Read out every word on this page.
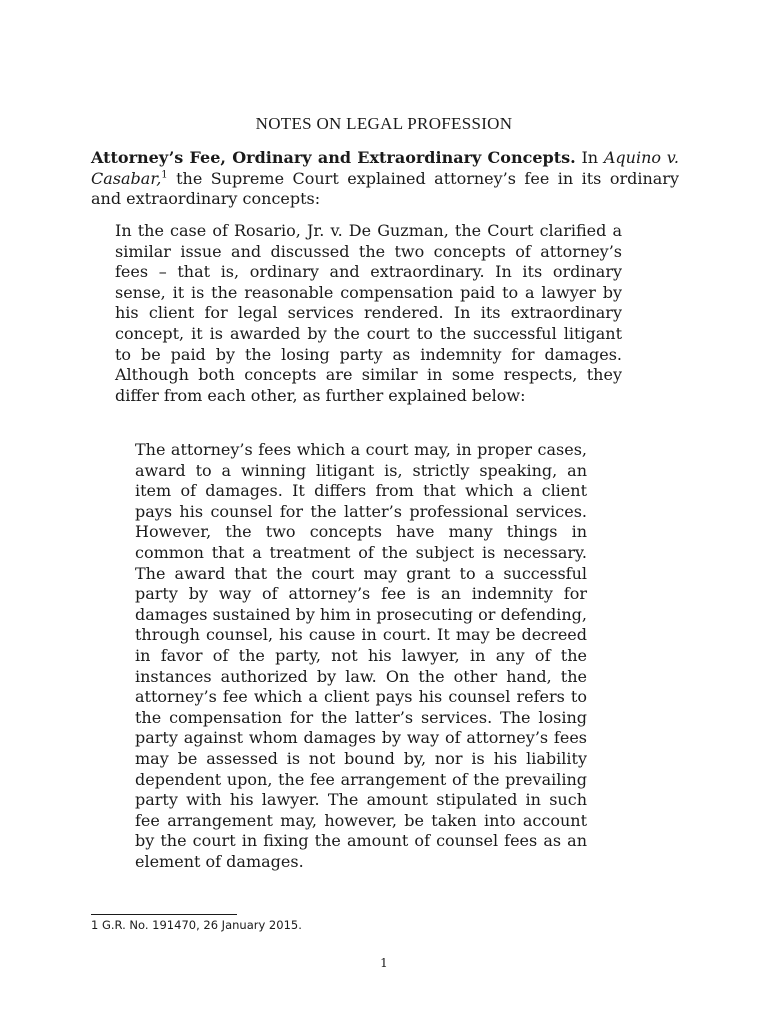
NOTES ON LEGAL PROFESSION

Attorney’s Fee, Ordinary and Extraordinary Concepts. In Aquino v. Casabar,$^1$ the Supreme Court explained attorney’s fee in its ordinary and extraordinary concepts:

In the case of Rosario, Jr. v. De Guzman, the Court clarified a similar issue and discussed the two concepts of attorney’s fees – that is, ordinary and extraordinary. In its ordinary sense, it is the reasonable compensation paid to a lawyer by his client for legal services rendered. In its extraordinary concept, it is awarded by the court to the successful litigant to be paid by the losing party as indemnity for damages. Although both concepts are similar in some respects, they differ from each other, as further explained below:

The attorney’s fees which a court may, in proper cases, award to a winning litigant is, strictly speaking, an item of damages. It differs from that which a client pays his counsel for the latter’s professional services. However, the two concepts have many things in common that a treatment of the subject is necessary. The award that the court may grant to a successful party by way of attorney’s fee is an indemnity for damages sustained by him in prosecuting or defending, through counsel, his cause in court. It may be decreed in favor of the party, not his lawyer, in any of the instances authorized by law. On the other hand, the attorney’s fee which a client pays his counsel refers to the compensation for the latter’s services. The losing party against whom damages by way of attorney’s fees may be assessed is not bound by, nor is his liability dependent upon, the fee arrangement of the prevailing party with his lawyer. The amount stipulated in such fee arrangement may, however, be taken into account by the court in fixing the amount of counsel fees as an element of damages.

1 G.R. No. 191470, 26 January 2015.
1
